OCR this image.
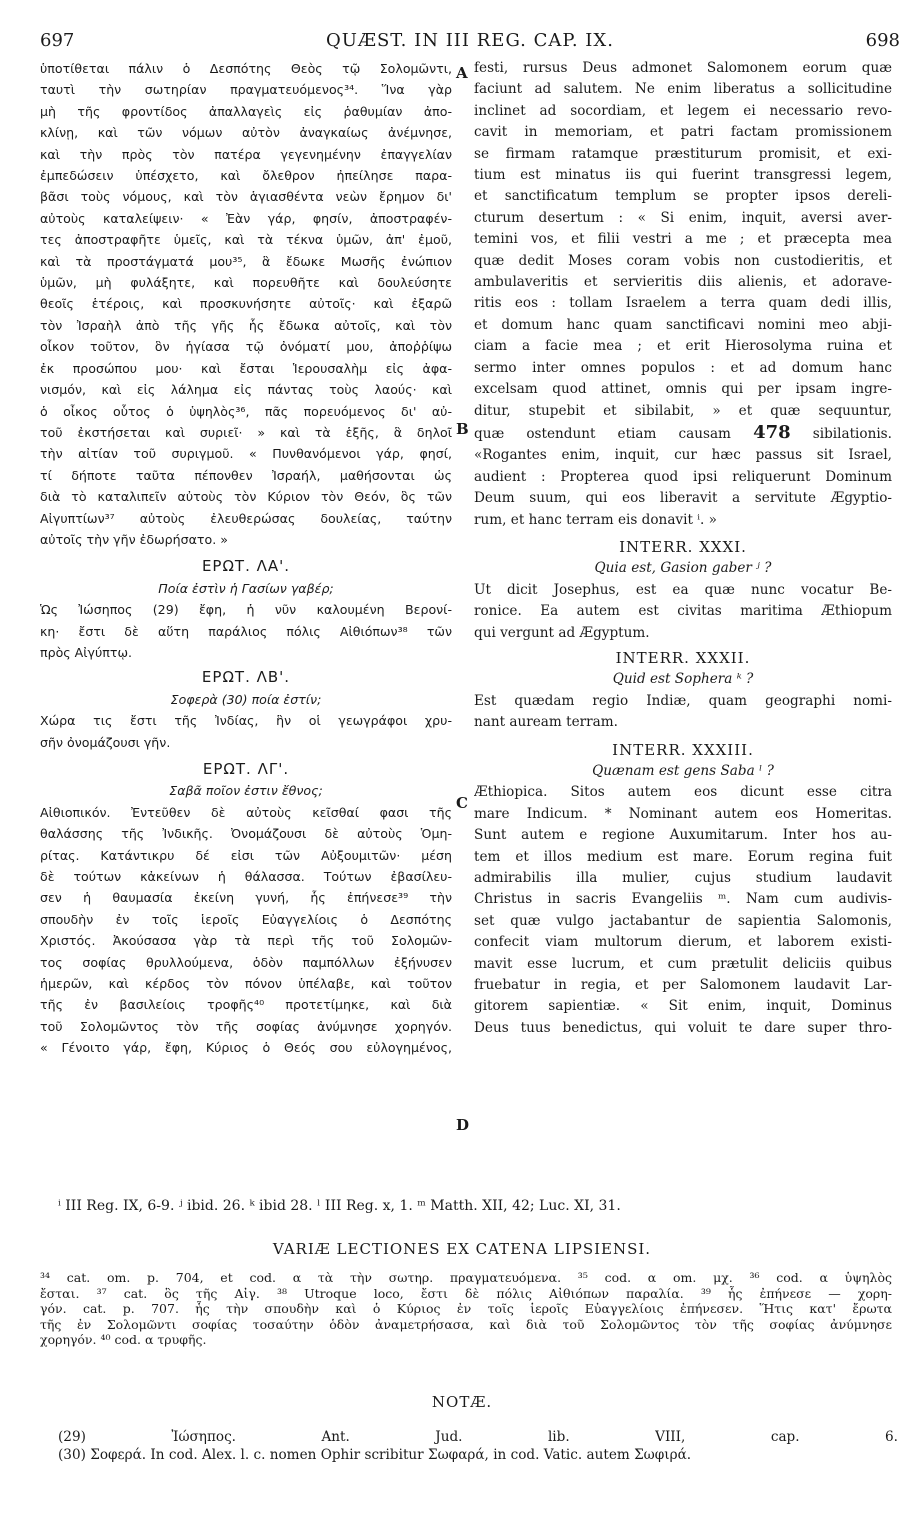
697	QUÆST. IN III REG. CAP. IX.	698
A
B
C
D
ὑποτίθεται πάλιν ὁ Δεσπότης Θεὸς τῷ Σολομῶντι,
ταυτὶ τὴν σωτηρίαν πραγματευόμενος³⁴. Ἵνα γὰρ
μὴ τῆς φροντίδος ἀπαλλαγεὶς εἰς ῥαθυμίαν ἀπο-
κλίνῃ, καὶ τῶν νόμων αὐτὸν ἀναγκαίως ἀνέμνησε,
καὶ τὴν πρὸς τὸν πατέρα γεγενημένην ἐπαγγελίαν
ἐμπεδώσειν ὑπέσχετο, καὶ ὄλεθρον ἠπείλησε παρα-
βᾶσι τοὺς νόμους, καὶ τὸν ἁγιασθέντα νεὼν ἔρημον δι'
αὐτοὺς καταλείψειν· « Ἐὰν γάρ, φησίν, ἀποστραφέν-
τες ἀποστραφῆτε ὑμεῖς, καὶ τὰ τέκνα ὑμῶν, ἀπ' ἐμοῦ,
καὶ τὰ προστάγματά μου³⁵, ἃ ἔδωκε Μωσῆς ἐνώπιον
ὑμῶν, μὴ φυλάξητε, καὶ πορευθῆτε καὶ δουλεύσητε
θεοῖς ἑτέροις, καὶ προσκυνήσητε αὐτοῖς· καὶ ἐξαρῶ
τὸν Ἰσραὴλ ἀπὸ τῆς γῆς ἧς ἔδωκα αὐτοῖς, καὶ τὸν
οἶκον τοῦτον, ὃν ἡγίασα τῷ ὀνόματί μου, ἀποῤῥίψω
ἐκ προσώπου μου· καὶ ἔσται Ἱερουσαλὴμ εἰς ἀφα-
νισμόν, καὶ εἰς λάλημα εἰς πάντας τοὺς λαούς· καὶ
ὁ οἶκος οὗτος ὁ ὑψηλὸς³⁶, πᾶς πορευόμενος δι' αὐ-
τοῦ ἐκστήσεται καὶ συριεῖ· » καὶ τὰ ἑξῆς, ἃ δηλοῖ
τὴν αἰτίαν τοῦ συριγμοῦ. « Πυνθανόμενοι γάρ, φησί,
τί δήποτε ταῦτα πέπονθεν Ἰσραήλ, μαθήσονται ὡς
διὰ τὸ καταλιπεῖν αὐτοὺς τὸν Κύριον τὸν Θεόν, ὃς τῶν
Αἰγυπτίων³⁷ αὐτοὺς ἐλευθερώσας δουλείας, ταύτην
αὐτοῖς τὴν γῆν ἐδωρήσατο. »
ΕΡΩΤ. ΛΑ'.
Ποία ἐστὶν ἡ Γασίων γαβέρ;
Ὡς Ἰώσηπος (29) ἔφη, ἡ νῦν καλουμένη Βερονί-
κη· ἔστι δὲ αὕτη παράλιος πόλις Αἰθιόπων³⁸ τῶν
πρὸς Αἰγύπτῳ.
ΕΡΩΤ. ΛΒ'.
Σοφερὰ (30) ποία ἐστίν;
Χώρα τις ἔστι τῆς Ἰνδίας, ἣν οἱ γεωγράφοι χρυ-
σῆν ὀνομάζουσι γῆν.
ΕΡΩΤ. ΛΓ'.
Σαβᾶ ποῖον ἐστιν ἔθνος;
Αἰθιοπικόν. Ἐντεῦθεν δὲ αὐτοὺς κεῖσθαί φασι τῆς
θαλάσσης τῆς Ἰνδικῆς. Ὀνομάζουσι δὲ αὐτοὺς Ὁμη-
ρίτας. Κατάντικρυ δέ εἰσι τῶν Αὐξουμιτῶν· μέση
δὲ τούτων κἀκείνων ἡ θάλασσα. Τούτων ἐβασίλευ-
σεν ἡ θαυμασία ἐκείνη γυνή, ἧς ἐπήνεσε³⁹ τὴν
σπουδὴν ἐν τοῖς ἱεροῖς Εὐαγγελίοις ὁ Δεσπότης
Χριστός. Ἀκούσασα γὰρ τὰ περὶ τῆς τοῦ Σολομῶν-
τος σοφίας θρυλλούμενα, ὁδὸν παμπόλλων ἐξήνυσεν
ἡμερῶν, καὶ κέρδος τὸν πόνον ὑπέλαβε, καὶ τοῦτον
τῆς ἐν βασιλείοις τροφῆς⁴⁰ προτετίμηκε, καὶ διὰ
τοῦ Σολομῶντος τὸν τῆς σοφίας ἀνύμνησε χορηγόν.
« Γένοιτο γάρ, ἔφη, Κύριος ὁ Θεός σου εὐλογημένος,
festi, rursus Deus admonet Salomonem eorum quæ
faciunt ad salutem. Ne enim liberatus a sollicitudine
inclinet ad socordiam, et legem ei necessario revo-
cavit in memoriam, et patri factam promissionem
se firmam ratamque præstiturum promisit, et exi-
tium est minatus iis qui fuerint transgressi legem,
et sanctificatum templum se propter ipsos dereli-
cturum desertum : « Si enim, inquit, aversi aver-
temini vos, et filii vestri a me ; et præcepta mea
quæ dedit Moses coram vobis non custodieritis, et
ambulaveritis et servieritis diis alienis, et adorave-
ritis eos : tollam Israelem a terra quam dedi illis,
et domum hanc quam sanctificavi nomini meo abji-
ciam a facie mea ; et erit Hierosolyma ruina et
sermo inter omnes populos : et ad domum hanc
excelsam quod attinet, omnis qui per ipsam ingre-
ditur, stupebit et sibilabit, » et quæ sequuntur,
quæ ostendunt etiam causam 478 sibilationis.
«Rogantes enim, inquit, cur hæc passus sit Israel,
audient : Propterea quod ipsi reliquerunt Dominum
Deum suum, qui eos liberavit a servitute Ægyptio-
rum, et hanc terram eis donavit ⁱ. »
INTERR. XXXI.
Quia est, Gasion gaber ʲ ?
Ut dicit Josephus, est ea quæ nunc vocatur Be-
ronice. Ea autem est civitas maritima Æthiopum
qui vergunt ad Ægyptum.
INTERR. XXXII.
Quid est Sophera ᵏ ?
Est quædam regio Indiæ, quam geographi nomi-
nant auream terram.
INTERR. XXXIII.
Quænam est gens Saba ˡ ?
Æthiopica. Sitos autem eos dicunt esse citra
mare Indicum. * Nominant autem eos Homeritas.
Sunt autem e regione Auxumitarum. Inter hos au-
tem et illos medium est mare. Eorum regina fuit
admirabilis illa mulier, cujus studium laudavit
Christus in sacris Evangeliis ᵐ. Nam cum audivis-
set quæ vulgo jactabantur de sapientia Salomonis,
confecit viam multorum dierum, et laborem existi-
mavit esse lucrum, et cum prætulit deliciis quibus
fruebatur in regia, et per Salomonem laudavit Lar-
gitorem sapientiæ. « Sit enim, inquit, Dominus
Deus tuus benedictus, qui voluit te dare super thro-
ⁱ III Reg. IX, 6-9. ʲ ibid. 26. ᵏ ibid 28. ˡ III Reg. x, 1. ᵐ Matth. XII, 42; Luc. XI, 31.
VARIÆ LECTIONES EX CATENA LIPSIENSI.
³⁴ cat. om. p. 704, et cod. α τὰ τὴν σωτηρ. πραγματευόμενα. ³⁵ cod. α om. μχ. ³⁶ cod. α ὑψηλὸς
ἔσται. ³⁷ cat. ὃς τῆς Αἰγ. ³⁸ Utroque loco, ἔστι δὲ πόλις Αἰθιόπων παραλία. ³⁹ ἧς ἐπήνεσε — χορη-
γόν. cat. p. 707. ἧς τὴν σπουδὴν καὶ ὁ Κύριος ἐν τοῖς ἱεροῖς Εὐαγγελίοις ἐπήνεσεν. Ἥτις κατ' ἔρωτα
τῆς ἐν Σολομῶντι σοφίας τοσαύτην ὁδὸν ἀναμετρήσασα, καὶ διὰ τοῦ Σολομῶντος τὸν τῆς σοφίας ἀνύμνησε
χορηγόν. ⁴⁰ cod. α τρυφῆς.
NOTÆ.
(29) Ἰώσηπος. Ant. Jud. lib. VIII, cap. 6.
(30) Σοφερά. In cod. Alex. l. c. nomen Ophir scribitur Σωφαρά, in cod. Vatic. autem Σωφιρά.
